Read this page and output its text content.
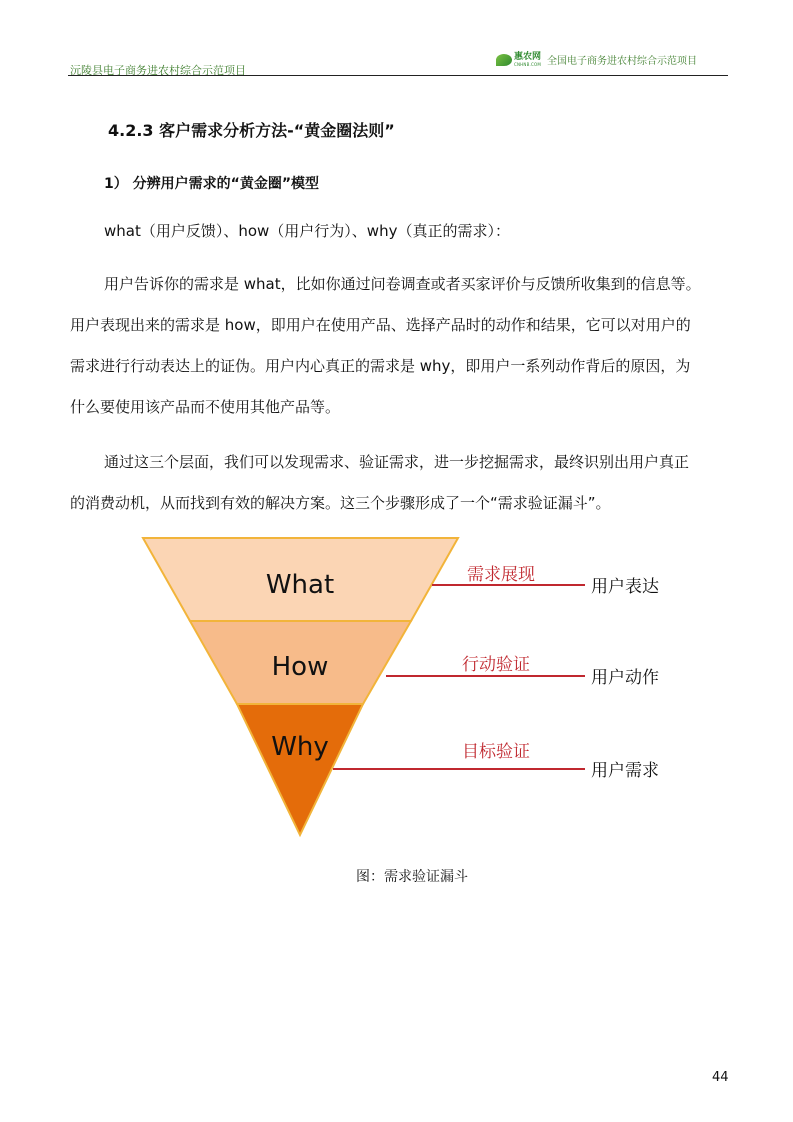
沅陵县电子商务进农村综合示范项目
惠农网
CNHNB.COM 全国电子商务进农村综合示范项目
4.2.3 客户需求分析方法-“黄金圈法则”
1） 分辨用户需求的“黄金圈”模型

what（用户反馈）、how（用户行为）、why（真正的需求）：

用户告诉你的需求是 what，比如你通过问卷调查或者买家评价与反馈所收集到的信息等。
用户表现出来的需求是 how，即用户在使用产品、选择产品时的动作和结果，它可以对用户的
需求进行行动表达上的证伪。用户内心真正的需求是 why，即用户一系列动作背后的原因，为
什么要使用该产品而不使用其他产品等。

通过这三个层面，我们可以发现需求、验证需求，进一步挖掘需求，最终识别出用户真正
的消费动机，从而找到有效的解决方案。这三个步骤形成了一个“需求验证漏斗”。

What
How
Why
需求展现
行动验证
目标验证
用户表达
用户动作
用户需求
图：需求验证漏斗
44
